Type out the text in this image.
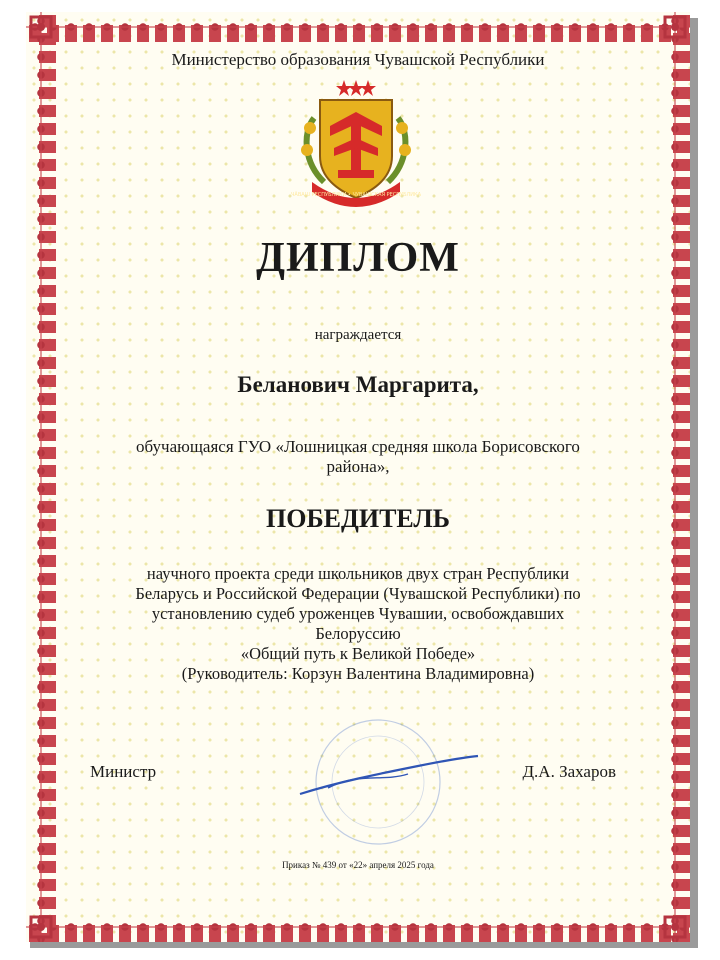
Министерство образования Чувашской Республики
ЧĂВАШ РЕСПУБЛИКИ • ЧУВАШСКАЯ РЕСПУБЛИКА
ДИПЛОМ
награждается
Беланович Маргарита,
обучающаяся ГУО «Лошницкая средняя школа Борисовского
района»,
ПОБЕДИТЕЛЬ
научного проекта среди школьников двух стран Республики
Беларусь и Российской Федерации (Чувашской Республики) по
установлению судеб уроженцев Чувашии, освобождавших
Белоруссию
«Общий путь к Великой Победе»
(Руководитель: Корзун Валентина Владимировна)
Министр	Д.А. Захаров
Приказ № 439 от «22» апреля 2025 года
